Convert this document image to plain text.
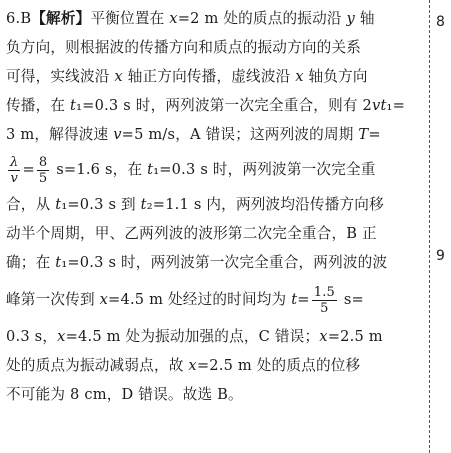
6.B【解析】平衡位置在 x=2 m 处的质点的振动沿 y 轴
负方向，则根据波的传播方向和质点的振动方向的关系
可得，实线波沿 x 轴正方向传播，虚线波沿 x 轴负方向
传播，在 t₁=0.3 s 时，两列波第一次完全重合，则有 2vt₁=
3 m，解得波速 v=5 m/s，A 错误；这两列波的周期 T=
$\frac{\lambda}{v} = \frac{8}{5} s=1.6$ s，在 t₁=0.3 s 时，两列波第一次完全重
合，从 t₁=0.3 s 到 t₂=1.1 s 内，两列波均沿传播方向移
动半个周期，甲、乙两列波的波形第二次完全重合，B 正
确；在 t₁=0.3 s 时，两列波第一次完全重合，两列波的波
峰第一次传到 x=4.5 m 处经过的时间均为 $t= \frac{1.5}{5} s=$
0.3 s，x=4.5 m 处为振动加强的点，C 错误；x=2.5 m
处的质点为振动减弱点，故 x=2.5 m 处的质点的位移
不可能为 8 cm，D 错误。故选 B。
8
9
